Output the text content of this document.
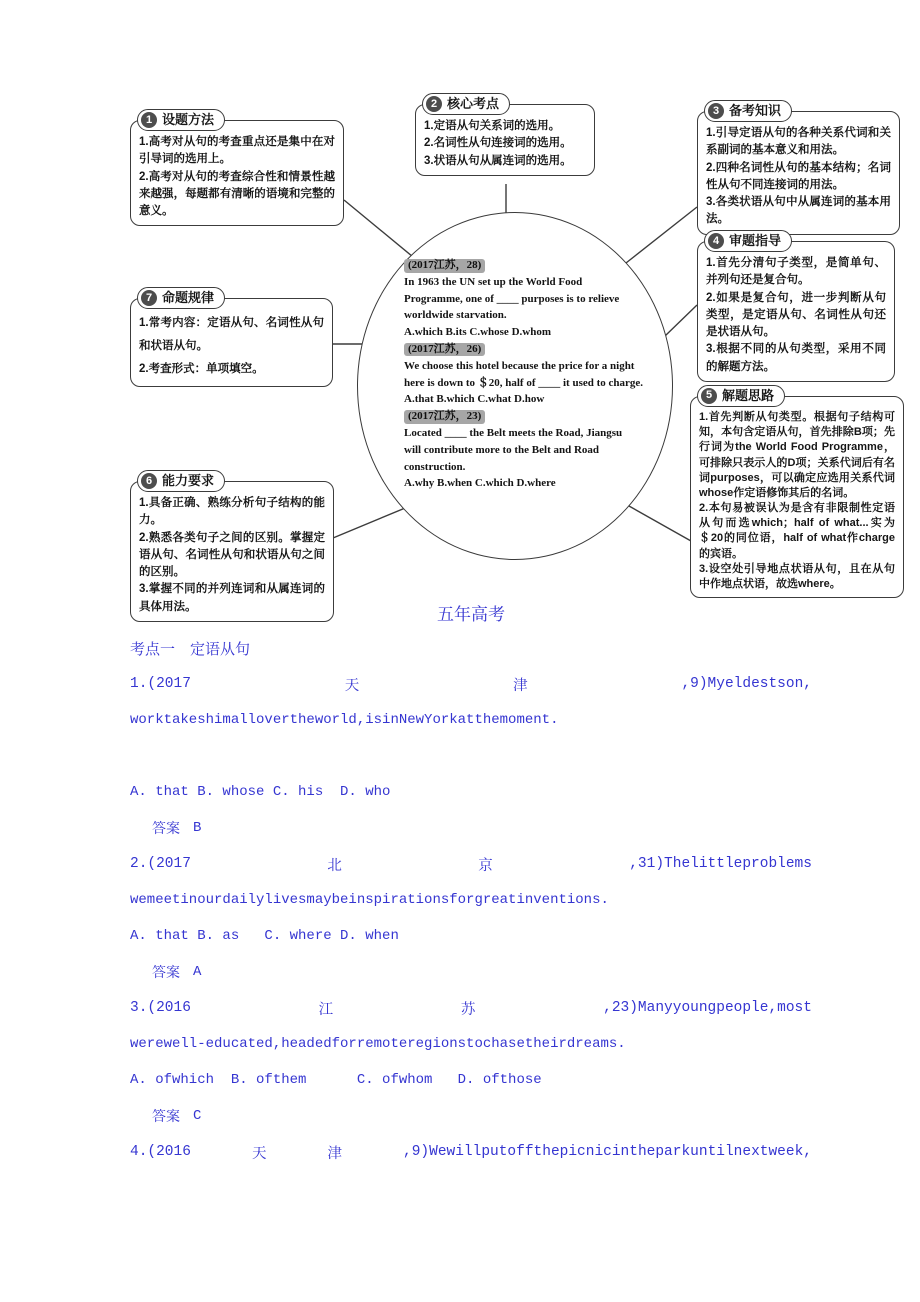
1 设题方法

1.高考对从句的考查重点还是集中在对引导词的选用上。

2.高考对从句的考查综合性和情景性越来越强，每题都有清晰的语境和完整的意义。

2 核心考点

1.定语从句关系词的选用。

2.名词性从句连接词的选用。

3.状语从句从属连词的选用。

3 备考知识

1.引导定语从句的各种关系代词和关系副词的基本意义和用法。

2.四种名词性从句的基本结构；名词性从句不同连接词的用法。

3.各类状语从句中从属连词的基本用法。

4 审题指导

1.首先分清句子类型，是简单句、并列句还是复合句。

2.如果是复合句，进一步判断从句类型，是定语从句、名词性从句还是状语从句。

3.根据不同的从句类型，采用不同的解题方法。

5 解题思路

1.首先判断从句类型。根据句子结构可知，本句含定语从句，首先排除B项；先行词为the World Food Programme，可排除只表示人的D项；关系代词后有名词purposes，可以确定应选用关系代词whose作定语修饰其后的名词。

2.本句易被误认为是含有非限制性定语从句而选which；half of what...实为＄20的同位语，half of what作charge的宾语。

3.设空处引导地点状语从句，且在从句中作地点状语，故选where。

6 能力要求

1.具备正确、熟练分析句子结构的能力。

2.熟悉各类句子之间的区别。掌握定语从句、名词性从句和状语从句之间的区别。

3.掌握不同的并列连词和从属连词的具体用法。

7 命题规律

1.常考内容：定语从句、名词性从句和状语从句。

2.考查形式：单项填空。

(2017江苏，28)
In 1963 the UN set up the World Food
Programme, one of ____ purposes is to relieve
worldwide starvation.
A.which B.its C.whose D.whom
(2017江苏，26)
We choose this hotel because the price for a night
here is down to ＄20, half of ____ it used to charge.
A.that B.which C.what D.how
(2017江苏，23)
Located ____ the Belt meets the Road, Jiangsu
will contribute more to the Belt and Road
construction.
A.why B.when C.which D.where
五年高考
考点一　定语从句
1.(2017	天	津	,9)Myeldestson,
worktakeshimallovertheworld,isinNewYorkatthemoment.
A. that B. whose C. his  D. who
答案 B
2.(2017	北	京	,31)Thelittleproblems
wemeetinourdailylivesmaybeinspirationsforgreatinventions.
A. that B. as   C. where D. when
答案 A
3.(2016	江	苏	,23)Manyyoungpeople,most
werewell-educated,headedforremoteregionstochasetheirdreams.
A. ofwhich  B. ofthem      C. ofwhom   D. ofthose
答案 C
4.(2016	天	津	,9)Wewillputoffthepicnicintheparkuntilnextweek,
